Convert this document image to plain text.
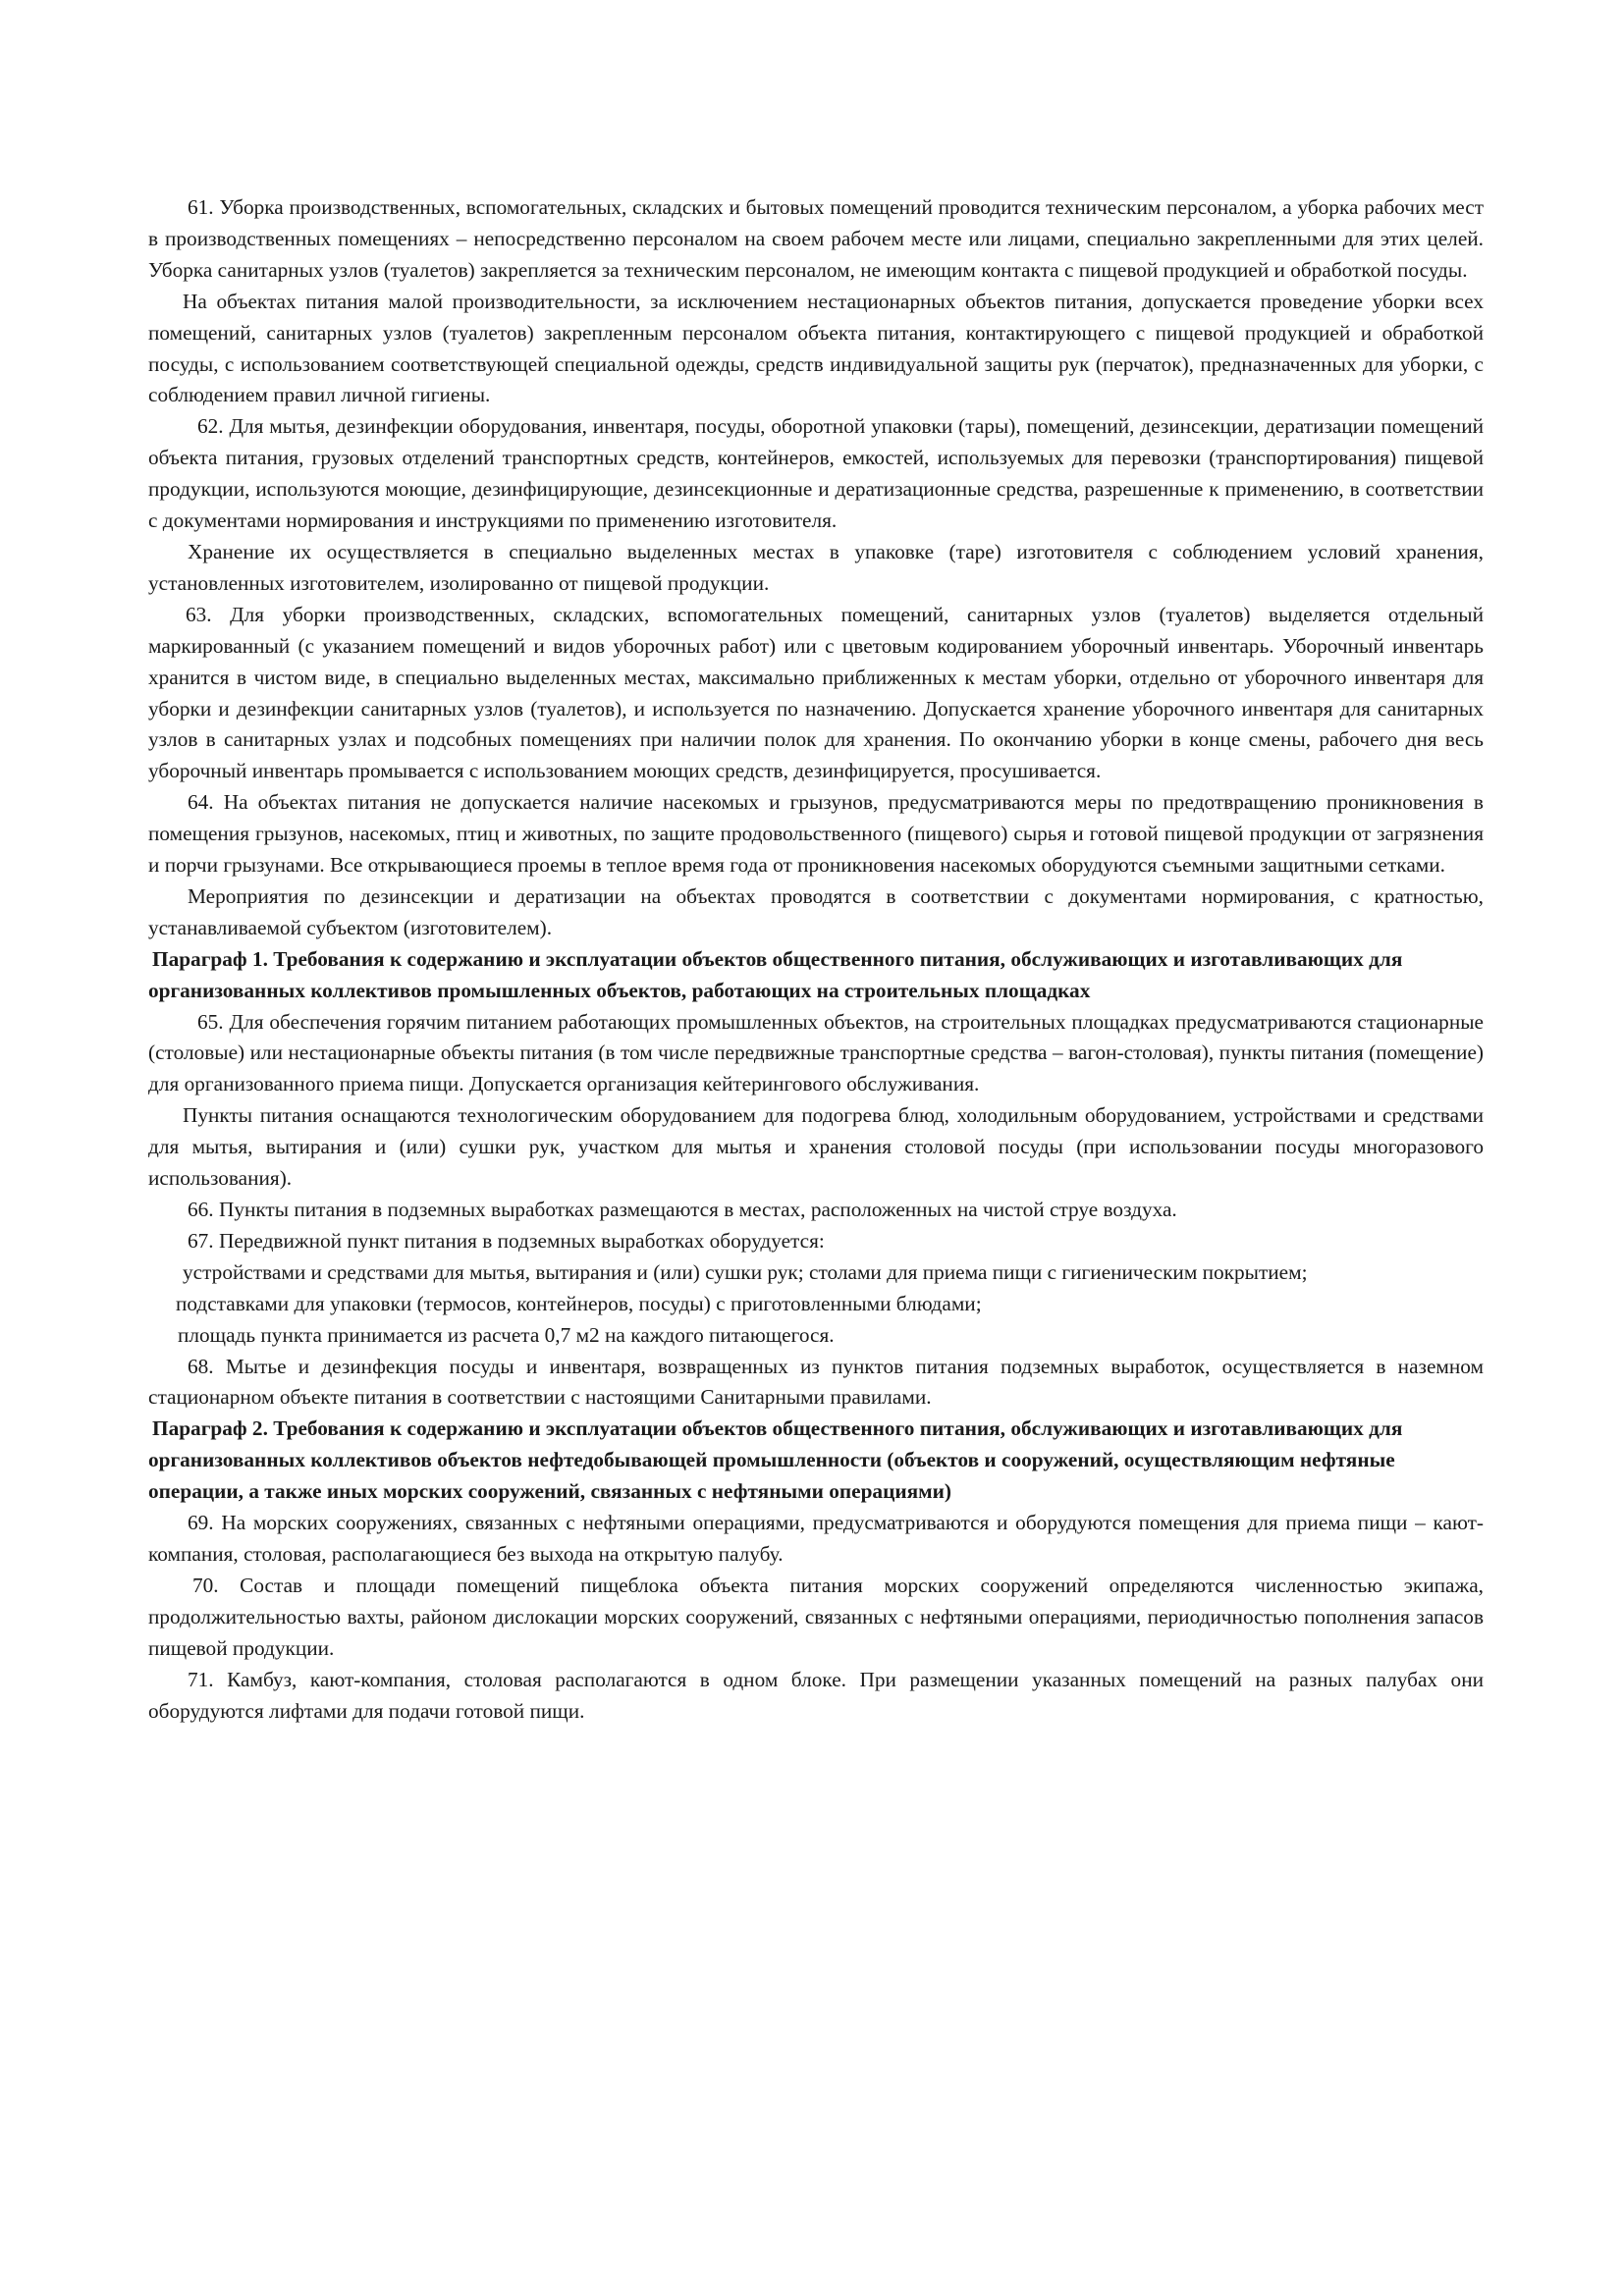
61. Уборка производственных, вспомогательных, складских и бытовых помещений проводится техническим персоналом, а уборка рабочих мест в производственных помещениях – непосредственно персоналом на своем рабочем месте или лицами, специально закрепленными для этих целей. Уборка санитарных узлов (туалетов) закрепляется за техническим персоналом, не имеющим контакта с пищевой продукцией и обработкой посуды.

На объектах питания малой производительности, за исключением нестационарных объектов питания, допускается проведение уборки всех помещений, санитарных узлов (туалетов) закрепленным персоналом объекта питания, контактирующего с пищевой продукцией и обработкой посуды, с использованием соответствующей специальной одежды, средств индивидуальной защиты рук (перчаток), предназначенных для уборки, с соблюдением правил личной гигиены.

62. Для мытья, дезинфекции оборудования, инвентаря, посуды, оборотной упаковки (тары), помещений, дезинсекции, дератизации помещений объекта питания, грузовых отделений транспортных средств, контейнеров, емкостей, используемых для перевозки (транспортирования) пищевой продукции, используются моющие, дезинфицирующие, дезинсекционные и дератизационные средства, разрешенные к применению, в соответствии с документами нормирования и инструкциями по применению изготовителя.

Хранение их осуществляется в специально выделенных местах в упаковке (таре) изготовителя с соблюдением условий хранения, установленных изготовителем, изолированно от пищевой продукции.

63. Для уборки производственных, складских, вспомогательных помещений, санитарных узлов (туалетов) выделяется отдельный маркированный (с указанием помещений и видов уборочных работ) или с цветовым кодированием уборочный инвентарь. Уборочный инвентарь хранится в чистом виде, в специально выделенных местах, максимально приближенных к местам уборки, отдельно от уборочного инвентаря для уборки и дезинфекции санитарных узлов (туалетов), и используется по назначению. Допускается хранение уборочного инвентаря для санитарных узлов в санитарных узлах и подсобных помещениях при наличии полок для хранения. По окончанию уборки в конце смены, рабочего дня весь уборочный инвентарь промывается с использованием моющих средств, дезинфицируется, просушивается.

64. На объектах питания не допускается наличие насекомых и грызунов, предусматриваются меры по предотвращению проникновения в помещения грызунов, насекомых, птиц и животных, по защите продовольственного (пищевого) сырья и готовой пищевой продукции от загрязнения и порчи грызунами. Все открывающиеся проемы в теплое время года от проникновения насекомых оборудуются съемными защитными сетками.

Мероприятия по дезинсекции и дератизации на объектах проводятся в соответствии с документами нормирования, с кратностью, устанавливаемой субъектом (изготовителем).

Параграф 1. Требования к содержанию и эксплуатации объектов общественного питания, обслуживающих и изготавливающих для организованных коллективов промышленных объектов, работающих на строительных площадках

65. Для обеспечения горячим питанием работающих промышленных объектов, на строительных площадках предусматриваются стационарные (столовые) или нестационарные объекты питания (в том числе передвижные транспортные средства – вагон-столовая), пункты питания (помещение) для организованного приема пищи. Допускается организация кейтерингового обслуживания.

Пункты питания оснащаются технологическим оборудованием для подогрева блюд, холодильным оборудованием, устройствами и средствами для мытья, вытирания и (или) сушки рук, участком для мытья и хранения столовой посуды (при использовании посуды многоразового использования).

66. Пункты питания в подземных выработках размещаются в местах, расположенных на чистой струе воздуха.

67. Передвижной пункт питания в подземных выработках оборудуется:

устройствами и средствами для мытья, вытирания и (или) сушки рук; столами для приема пищи с гигиеническим покрытием;

подставками для упаковки (термосов, контейнеров, посуды) с приготовленными блюдами;

площадь пункта принимается из расчета 0,7 м2 на каждого питающегося.

68. Мытье и дезинфекция посуды и инвентаря, возвращенных из пунктов питания подземных выработок, осуществляется в наземном стационарном объекте питания в соответствии с настоящими Санитарными правилами.

Параграф 2. Требования к содержанию и эксплуатации объектов общественного питания, обслуживающих и изготавливающих для организованных коллективов объектов нефтедобывающей промышленности (объектов и сооружений, осуществляющим нефтяные операции, а также иных морских сооружений, связанных с нефтяными операциями)

69. На морских сооружениях, связанных с нефтяными операциями, предусматриваются и оборудуются помещения для приема пищи – кают-компания, столовая, располагающиеся без выхода на открытую палубу.

70. Состав и площади помещений пищеблока объекта питания морских сооружений определяются численностью экипажа, продолжительностью вахты, районом дислокации морских сооружений, связанных с нефтяными операциями, периодичностью пополнения запасов пищевой продукции.

71. Камбуз, кают-компания, столовая располагаются в одном блоке. При размещении указанных помещений на разных палубах они оборудуются лифтами для подачи готовой пищи.
